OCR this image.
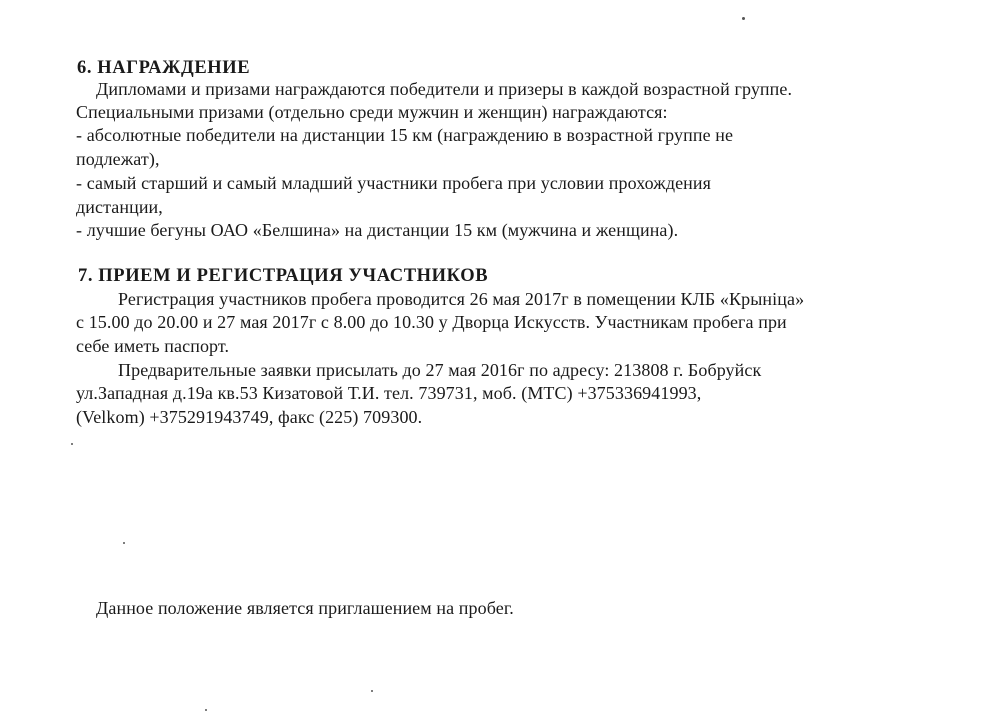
6. НАГРАЖДЕНИЕ
Дипломами и призами награждаются победители и призеры в каждой возрастной группе.
Специальными призами (отдельно среди мужчин и женщин) награждаются:
- абсолютные победители на дистанции 15 км (награждению в возрастной группе не
подлежат),
- самый старший и самый младший участники пробега при условии прохождения
дистанции,
- лучшие бегуны ОАО «Белшина» на дистанции 15 км (мужчина и женщина).
7. ПРИЕМ И РЕГИСТРАЦИЯ УЧАСТНИКОВ
Регистрация участников пробега проводится 26 мая 2017г в помещении КЛБ «Крыніца»
с 15.00 до 20.00 и 27 мая 2017г с 8.00 до 10.30 у Дворца Искусств. Участникам пробега при
себе иметь паспорт.
Предварительные заявки присылать до 27 мая 2016г по адресу: 213808 г. Бобруйск
ул.Западная д.19а кв.53 Кизатовой Т.И. тел. 739731, моб. (МТС) +375336941993,
(Velkom) +375291943749, факс (225) 709300.
Данное положение является приглашением на пробег.
